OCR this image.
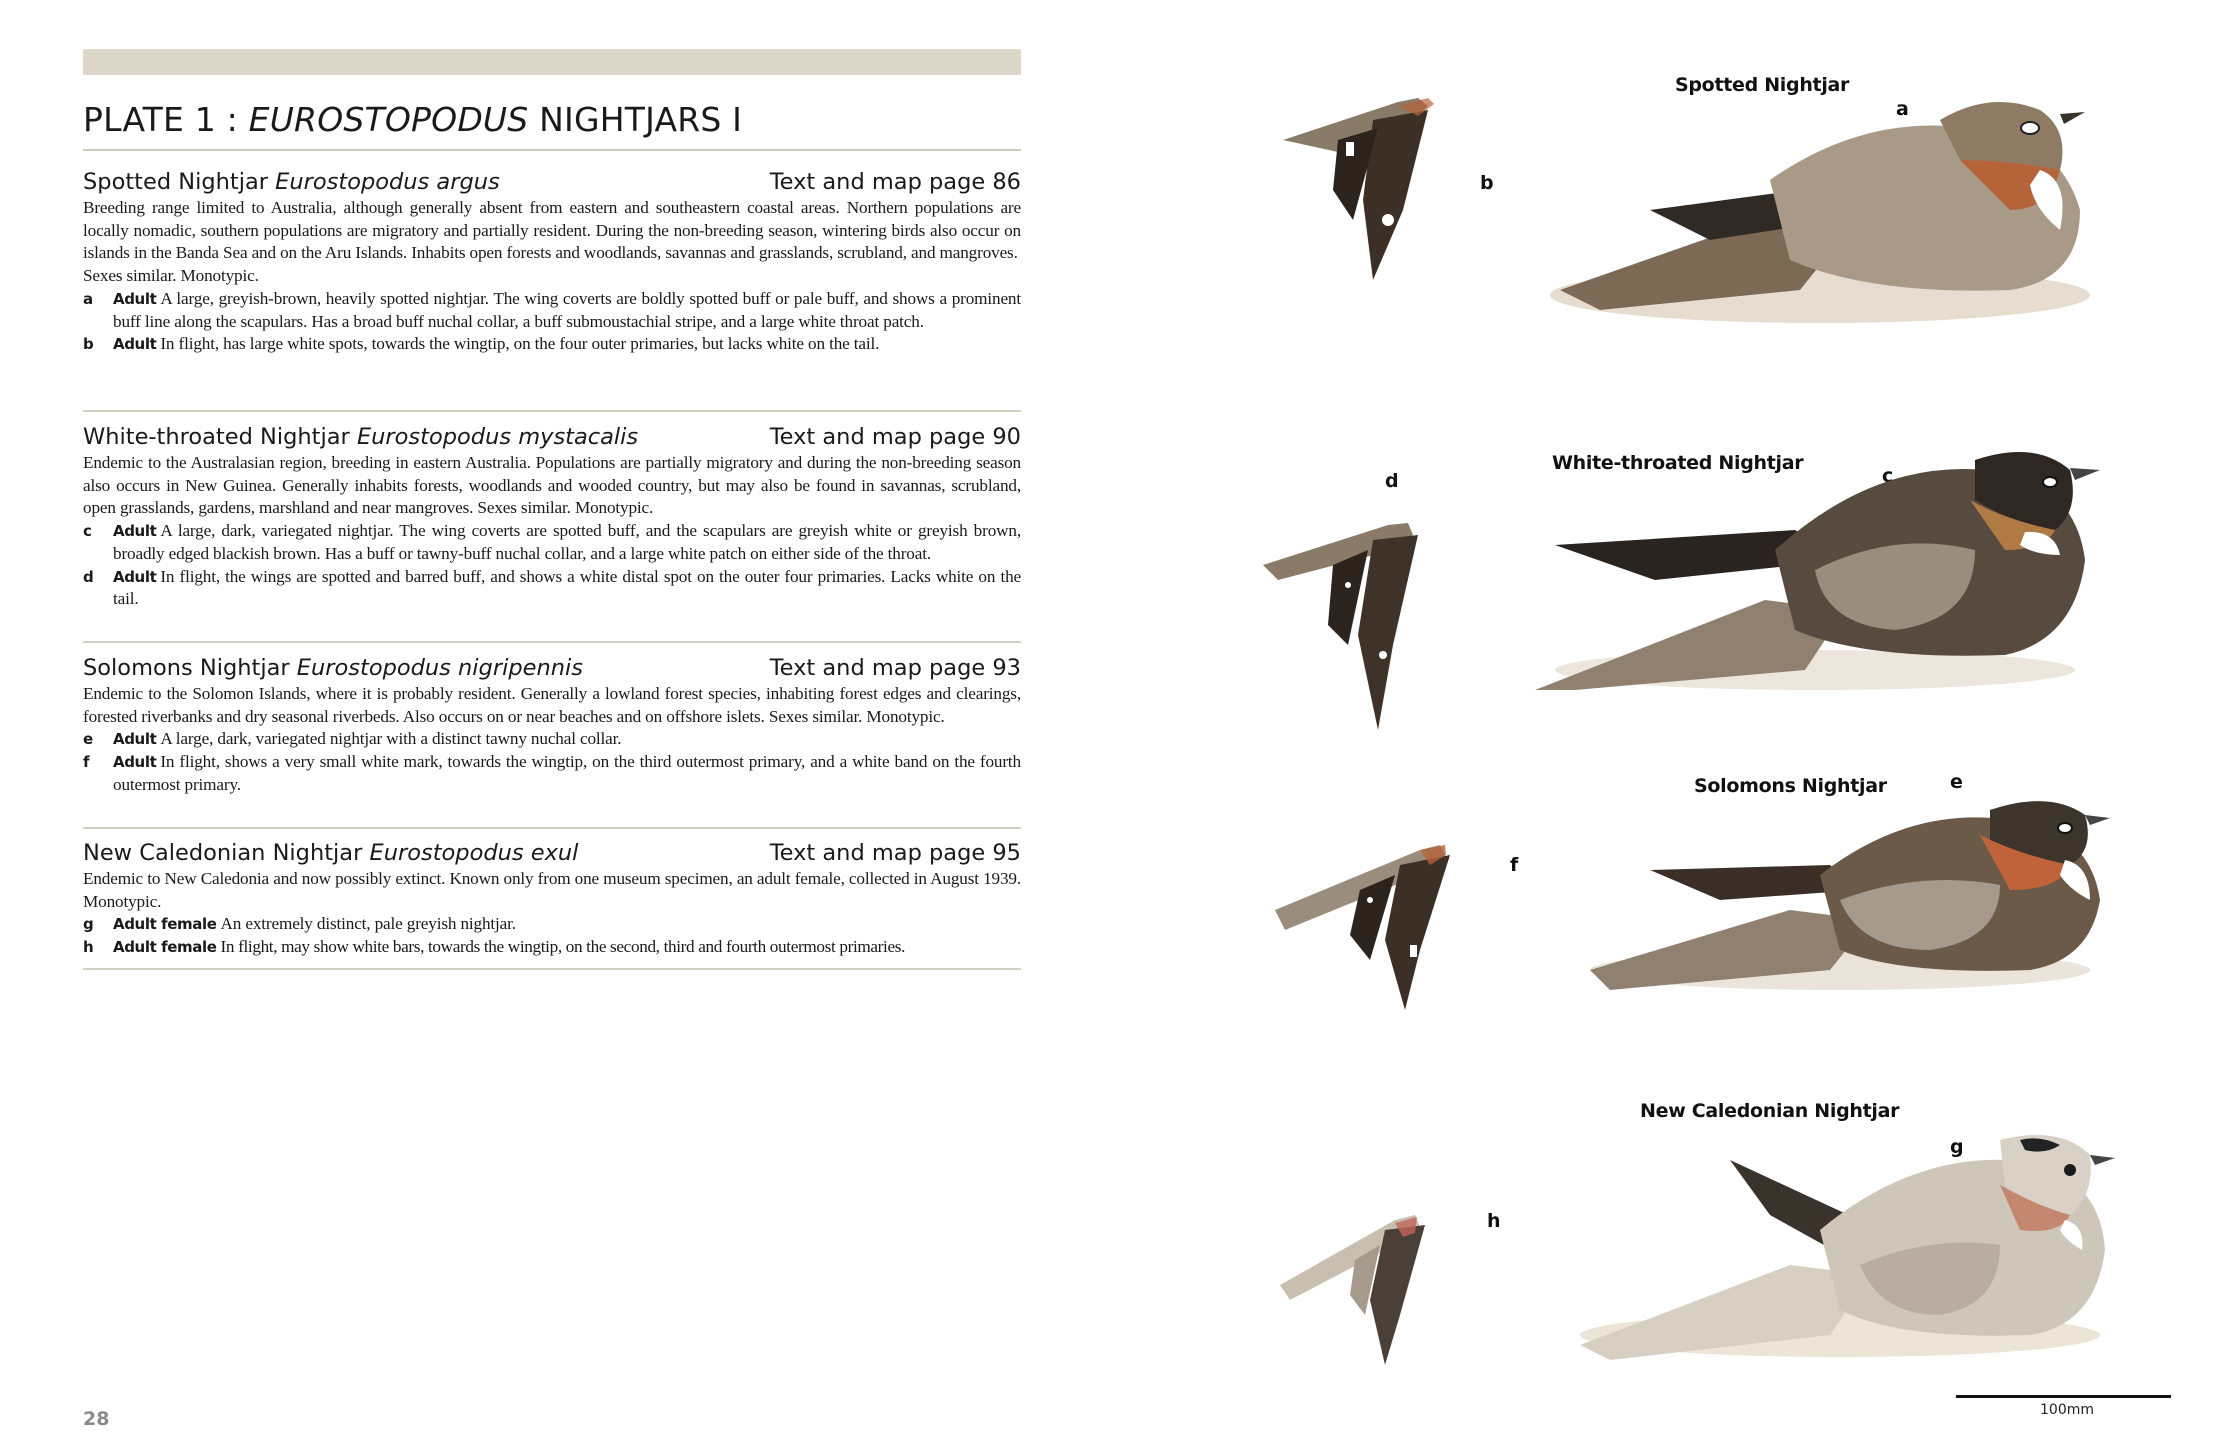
PLATE 1 : EUROSTOPODUS NIGHTJARS I
Spotted Nightjar Eurostopodus argus	Text and map page 86

Breeding range limited to Australia, although generally absent from eastern and southeastern coastal areas. Northern populations are locally nomadic, southern populations are migratory and partially resident. During the non-breeding season, wintering birds also occur on islands in the Banda Sea and on the Aru Islands. Inhabits open forests and woodlands, savannas and grasslands, scrubland, and mangroves.

Sexes similar. Monotypic.

a	Adult A large, greyish-brown, heavily spotted nightjar. The wing coverts are boldly spotted buff or pale buff, and shows a prominent buff line along the scapulars. Has a broad buff nuchal collar, a buff submoustachial stripe, and a large white throat patch.
b	Adult In flight, has large white spots, towards the wingtip, on the four outer primaries, but lacks white on the tail.
White-throated Nightjar Eurostopodus mystacalis	Text and map page 90

Endemic to the Australasian region, breeding in eastern Australia. Populations are partially migratory and during the non-breeding season also occurs in New Guinea. Generally inhabits forests, woodlands and wooded country, but may also be found in savannas, scrubland, open grasslands, gardens, marshland and near mangroves. Sexes similar. Monotypic.

c	Adult A large, dark, variegated nightjar. The wing coverts are spotted buff, and the scapulars are greyish white or greyish brown, broadly edged blackish brown. Has a buff or tawny-buff nuchal collar, and a large white patch on either side of the throat.
d	Adult In flight, the wings are spotted and barred buff, and shows a white distal spot on the outer four primaries. Lacks white on the tail.
Solomons Nightjar Eurostopodus nigripennis	Text and map page 93

Endemic to the Solomon Islands, where it is probably resident. Generally a lowland forest species, inhabiting forest edges and clearings, forested riverbanks and dry seasonal riverbeds. Also occurs on or near beaches and on offshore islets. Sexes similar. Monotypic.

e	Adult A large, dark, variegated nightjar with a distinct tawny nuchal collar.
f	Adult In flight, shows a very small white mark, towards the wingtip, on the third outermost primary, and a white band on the fourth outermost primary.
New Caledonian Nightjar Eurostopodus exul	Text and map page 95

Endemic to New Caledonia and now possibly extinct. Known only from one museum specimen, an adult female, collected in August 1939. Monotypic.

g	Adult female An extremely distinct, pale greyish nightjar.
h	Adult female In flight, may show white bars, towards the wingtip, on the second, third and fourth outermost primaries.
28
Spotted Nightjar
a
b
White-throated Nightjar
c
d
Solomons Nightjar	e
f
New Caledonian Nightjar
g
h
100mm
